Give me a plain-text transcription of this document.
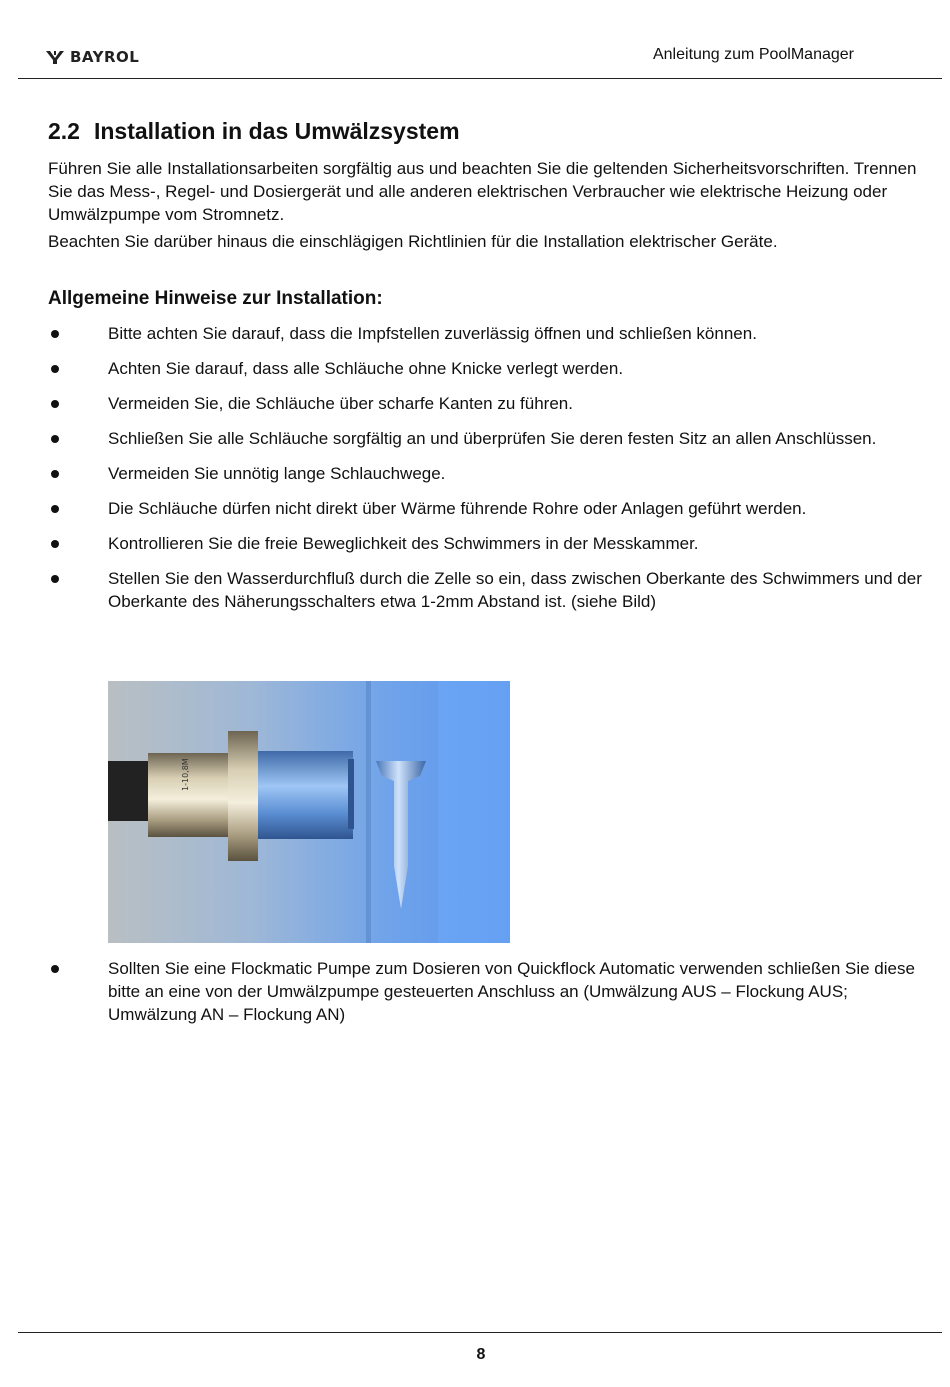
BAYROL	Anleitung zum PoolManager
2.2 Installation in das Umwälzsystem

Führen Sie alle Installationsarbeiten sorgfältig aus und beachten Sie die geltenden Sicherheitsvorschriften. Trennen Sie das Mess-, Regel- und Dosiergerät und alle anderen elektrischen Verbraucher wie elektrische Heizung oder Umwälzpumpe vom Stromnetz.

Beachten Sie darüber hinaus die einschlägigen Richtlinien für die Installation elektrischer Geräte.

Allgemeine Hinweise zur Installation:
Bitte achten Sie darauf, dass die Impfstellen zuverlässig öffnen und schließen können.
Achten Sie darauf, dass alle Schläuche ohne Knicke verlegt werden.
Vermeiden Sie, die Schläuche über scharfe Kanten zu führen.
Schließen Sie alle Schläuche sorgfältig an und überprüfen Sie deren festen Sitz an allen Anschlüssen.
Vermeiden Sie unnötig lange Schlauchwege.
Die Schläuche dürfen nicht direkt über Wärme führende Rohre oder Anlagen geführt werden.
Kontrollieren Sie die freie Beweglichkeit des Schwimmers in der Messkammer.
Stellen Sie den Wasserdurchfluß durch die Zelle so ein, dass zwischen Oberkante des Schwimmers und der Oberkante des Näherungsschalters etwa 1-2mm Abstand ist. (siehe Bild)
1-10,8M
Sollten Sie eine Flockmatic Pumpe zum Dosieren von Quickflock Automatic verwenden schließen Sie diese bitte an eine von der Umwälzpumpe gesteuerten Anschluss an (Umwälzung AUS – Flockung AUS; Umwälzung AN – Flockung AN)
8
